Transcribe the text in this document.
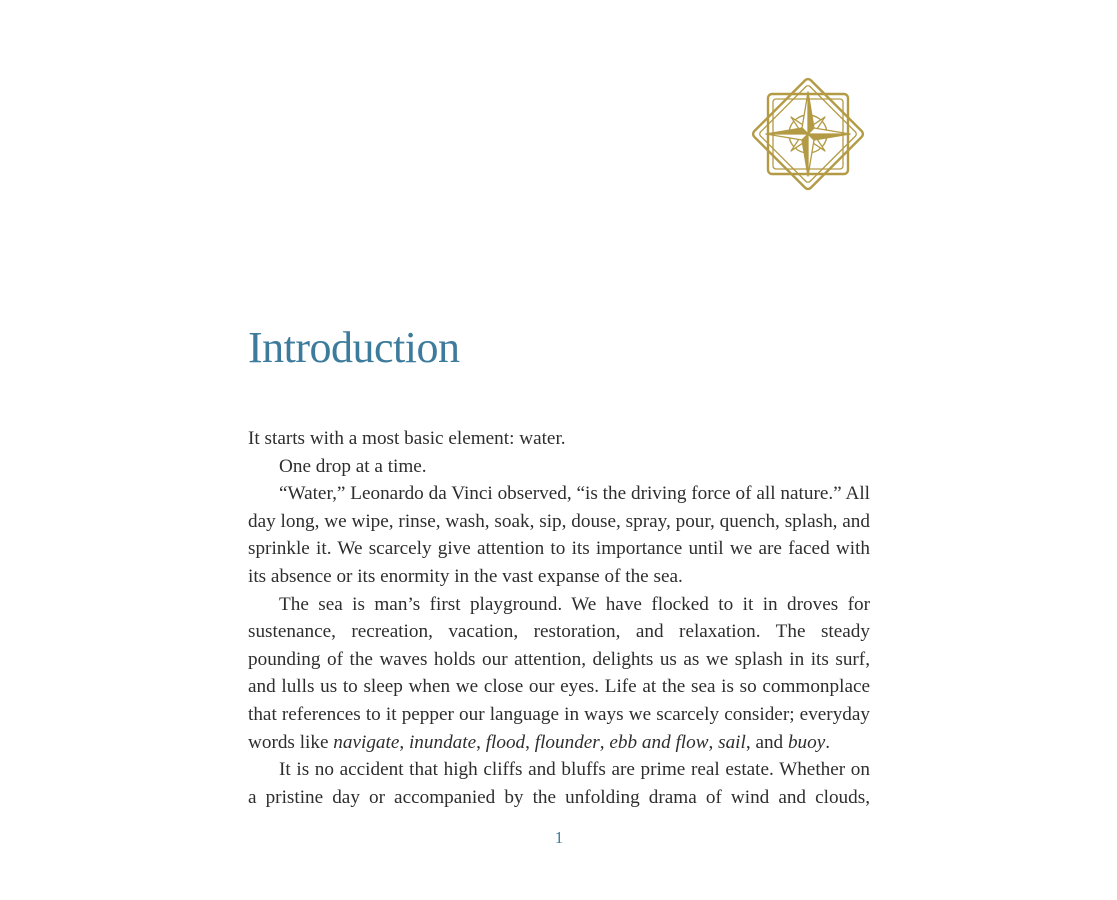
Introduction

It starts with a most basic element: water.

One drop at a time.

“Water,” Leonardo da Vinci observed, “is the driving force of all nature.” All day long, we wipe, rinse, wash, soak, sip, douse, spray, pour, quench, splash, and sprinkle it. We scarcely give attention to its importance until we are faced with its absence or its enormity in the vast expanse of the sea.

The sea is man’s first playground. We have flocked to it in droves for sustenance, recreation, vacation, restoration, and relaxation. The steady pounding of the waves holds our attention, delights us as we splash in its surf, and lulls us to sleep when we close our eyes. Life at the sea is so commonplace that references to it pepper our language in ways we scarcely consider; everyday words like navigate, inundate, flood, flounder, ebb and flow, sail, and buoy.

It is no accident that high cliffs and bluffs are prime real estate. Whether on a pristine day or accompanied by the unfolding drama of wind and clouds,

1
